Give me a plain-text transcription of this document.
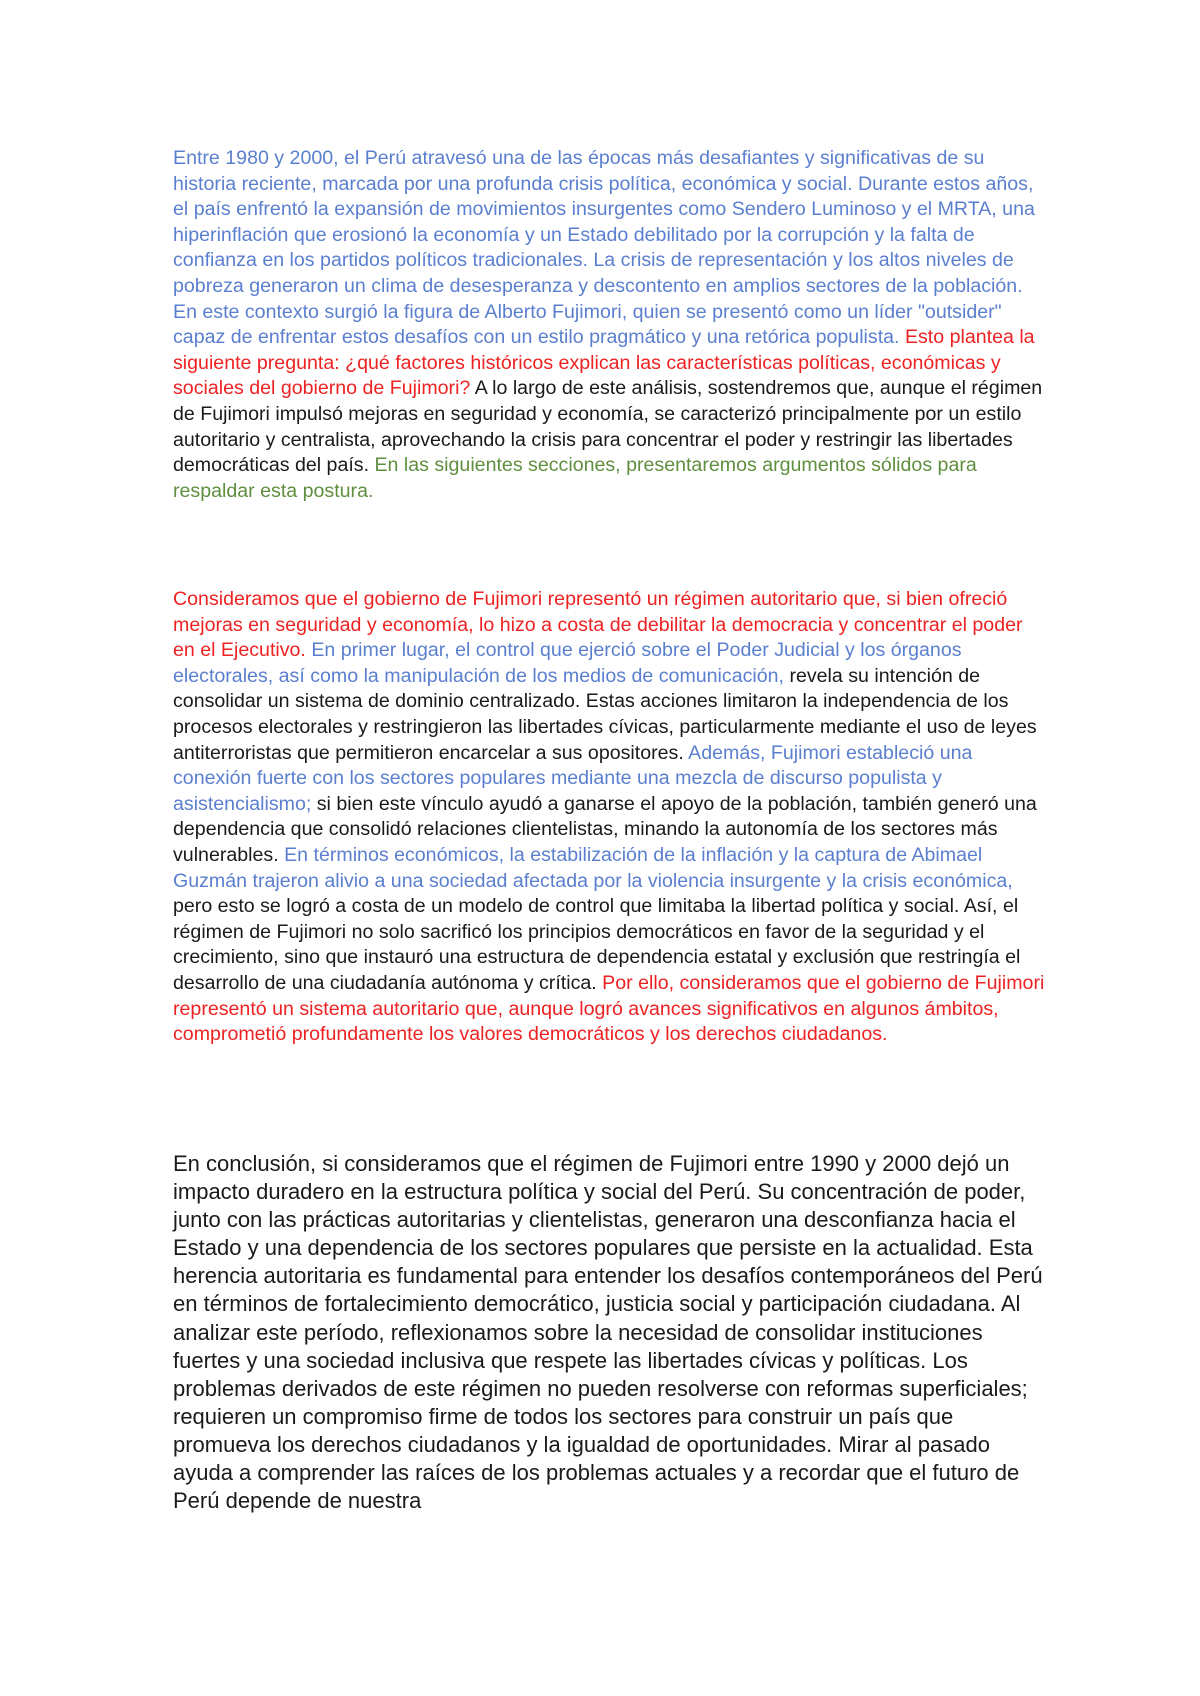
Entre 1980 y 2000, el Perú atravesó una de las épocas más desafiantes y significativas de su historia reciente, marcada por una profunda crisis política, económica y social. Durante estos años, el país enfrentó la expansión de movimientos insurgentes como Sendero Luminoso y el MRTA, una hiperinflación que erosionó la economía y un Estado debilitado por la corrupción y la falta de confianza en los partidos políticos tradicionales. La crisis de representación y los altos niveles de pobreza generaron un clima de desesperanza y descontento en amplios sectores de la población. En este contexto surgió la figura de Alberto Fujimori, quien se presentó como un líder "outsider" capaz de enfrentar estos desafíos con un estilo pragmático y una retórica populista. Esto plantea la siguiente pregunta: ¿qué factores históricos explican las características políticas, económicas y sociales del gobierno de Fujimori? A lo largo de este análisis, sostendremos que, aunque el régimen de Fujimori impulsó mejoras en seguridad y economía, se caracterizó principalmente por un estilo autoritario y centralista, aprovechando la crisis para concentrar el poder y restringir las libertades democráticas del país. En las siguientes secciones, presentaremos argumentos sólidos para respaldar esta postura.

Consideramos que el gobierno de Fujimori representó un régimen autoritario que, si bien ofreció mejoras en seguridad y economía, lo hizo a costa de debilitar la democracia y concentrar el poder en el Ejecutivo. En primer lugar, el control que ejerció sobre el Poder Judicial y los órganos electorales, así como la manipulación de los medios de comunicación, revela su intención de consolidar un sistema de dominio centralizado. Estas acciones limitaron la independencia de los procesos electorales y restringieron las libertades cívicas, particularmente mediante el uso de leyes antiterroristas que permitieron encarcelar a sus opositores. Además, Fujimori estableció una conexión fuerte con los sectores populares mediante una mezcla de discurso populista y asistencialismo; si bien este vínculo ayudó a ganarse el apoyo de la población, también generó una dependencia que consolidó relaciones clientelistas, minando la autonomía de los sectores más vulnerables. En términos económicos, la estabilización de la inflación y la captura de Abimael Guzmán trajeron alivio a una sociedad afectada por la violencia insurgente y la crisis económica, pero esto se logró a costa de un modelo de control que limitaba la libertad política y social. Así, el régimen de Fujimori no solo sacrificó los principios democráticos en favor de la seguridad y el crecimiento, sino que instauró una estructura de dependencia estatal y exclusión que restringía el desarrollo de una ciudadanía autónoma y crítica. Por ello, consideramos que el gobierno de Fujimori representó un sistema autoritario que, aunque logró avances significativos en algunos ámbitos, comprometió profundamente los valores democráticos y los derechos ciudadanos.

En conclusión, si consideramos que el régimen de Fujimori entre 1990 y 2000 dejó un impacto duradero en la estructura política y social del Perú. Su concentración de poder, junto con las prácticas autoritarias y clientelistas, generaron una desconfianza hacia el Estado y una dependencia de los sectores populares que persiste en la actualidad. Esta herencia autoritaria es fundamental para entender los desafíos contemporáneos del Perú en términos de fortalecimiento democrático, justicia social y participación ciudadana. Al analizar este período, reflexionamos sobre la necesidad de consolidar instituciones fuertes y una sociedad inclusiva que respete las libertades cívicas y políticas. Los problemas derivados de este régimen no pueden resolverse con reformas superficiales; requieren un compromiso firme de todos los sectores para construir un país que promueva los derechos ciudadanos y la igualdad de oportunidades. Mirar al pasado ayuda a comprender las raíces de los problemas actuales y a recordar que el futuro de Perú depende de nuestra
